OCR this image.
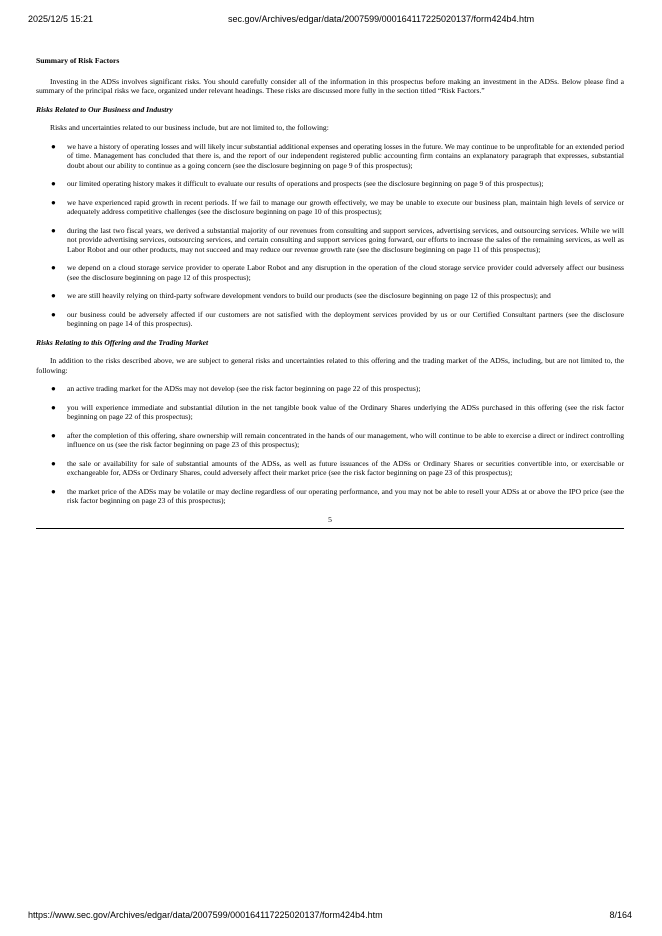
2025/12/5 15:21	sec.gov/Archives/edgar/data/2007599/000164117225020137/form424b4.htm

Summary of Risk Factors

Investing in the ADSs involves significant risks. You should carefully consider all of the information in this prospectus before making an investment in the ADSs. Below please find a summary of the principal risks we face, organized under relevant headings. These risks are discussed more fully in the section titled “Risk Factors.”

Risks Related to Our Business and Industry

Risks and uncertainties related to our business include, but are not limited to, the following:

● we have a history of operating losses and will likely incur substantial additional expenses and operating losses in the future. We may continue to be unprofitable for an extended period of time. Management has concluded that there is, and the report of our independent registered public accounting firm contains an explanatory paragraph that expresses, substantial doubt about our ability to continue as a going concern (see the disclosure beginning on page 9 of this prospectus);
● our limited operating history makes it difficult to evaluate our results of operations and prospects (see the disclosure beginning on page 9 of this prospectus);
● we have experienced rapid growth in recent periods. If we fail to manage our growth effectively, we may be unable to execute our business plan, maintain high levels of service or adequately address competitive challenges (see the disclosure beginning on page 10 of this prospectus);
● during the last two fiscal years, we derived a substantial majority of our revenues from consulting and support services, advertising services, and outsourcing services. While we will not provide advertising services, outsourcing services, and certain consulting and support services going forward, our efforts to increase the sales of the remaining services, as well as Labor Robot and our other products, may not succeed and may reduce our revenue growth rate (see the disclosure beginning on page 11 of this prospectus);
● we depend on a cloud storage service provider to operate Labor Robot and any disruption in the operation of the cloud storage service provider could adversely affect our business (see the disclosure beginning on page 12 of this prospectus);
● we are still heavily relying on third-party software development vendors to build our products (see the disclosure beginning on page 12 of this prospectus); and
● our business could be adversely affected if our customers are not satisfied with the deployment services provided by us or our Certified Consultant partners (see the disclosure beginning on page 14 of this prospectus).

Risks Relating to this Offering and the Trading Market

In addition to the risks described above, we are subject to general risks and uncertainties related to this offering and the trading market of the ADSs, including, but are not limited to, the following:

● an active trading market for the ADSs may not develop (see the risk factor beginning on page 22 of this prospectus);
● you will experience immediate and substantial dilution in the net tangible book value of the Ordinary Shares underlying the ADSs purchased in this offering (see the risk factor beginning on page 22 of this prospectus);
● after the completion of this offering, share ownership will remain concentrated in the hands of our management, who will continue to be able to exercise a direct or indirect controlling influence on us (see the risk factor beginning on page 23 of this prospectus);
● the sale or availability for sale of substantial amounts of the ADSs, as well as future issuances of the ADSs or Ordinary Shares or securities convertible into, or exercisable or exchangeable for, ADSs or Ordinary Shares, could adversely affect their market price (see the risk factor beginning on page 23 of this prospectus);
● the market price of the ADSs may be volatile or may decline regardless of our operating performance, and you may not be able to resell your ADSs at or above the IPO price (see the risk factor beginning on page 23 of this prospectus);
5
https://www.sec.gov/Archives/edgar/data/2007599/000164117225020137/form424b4.htm	8/164
